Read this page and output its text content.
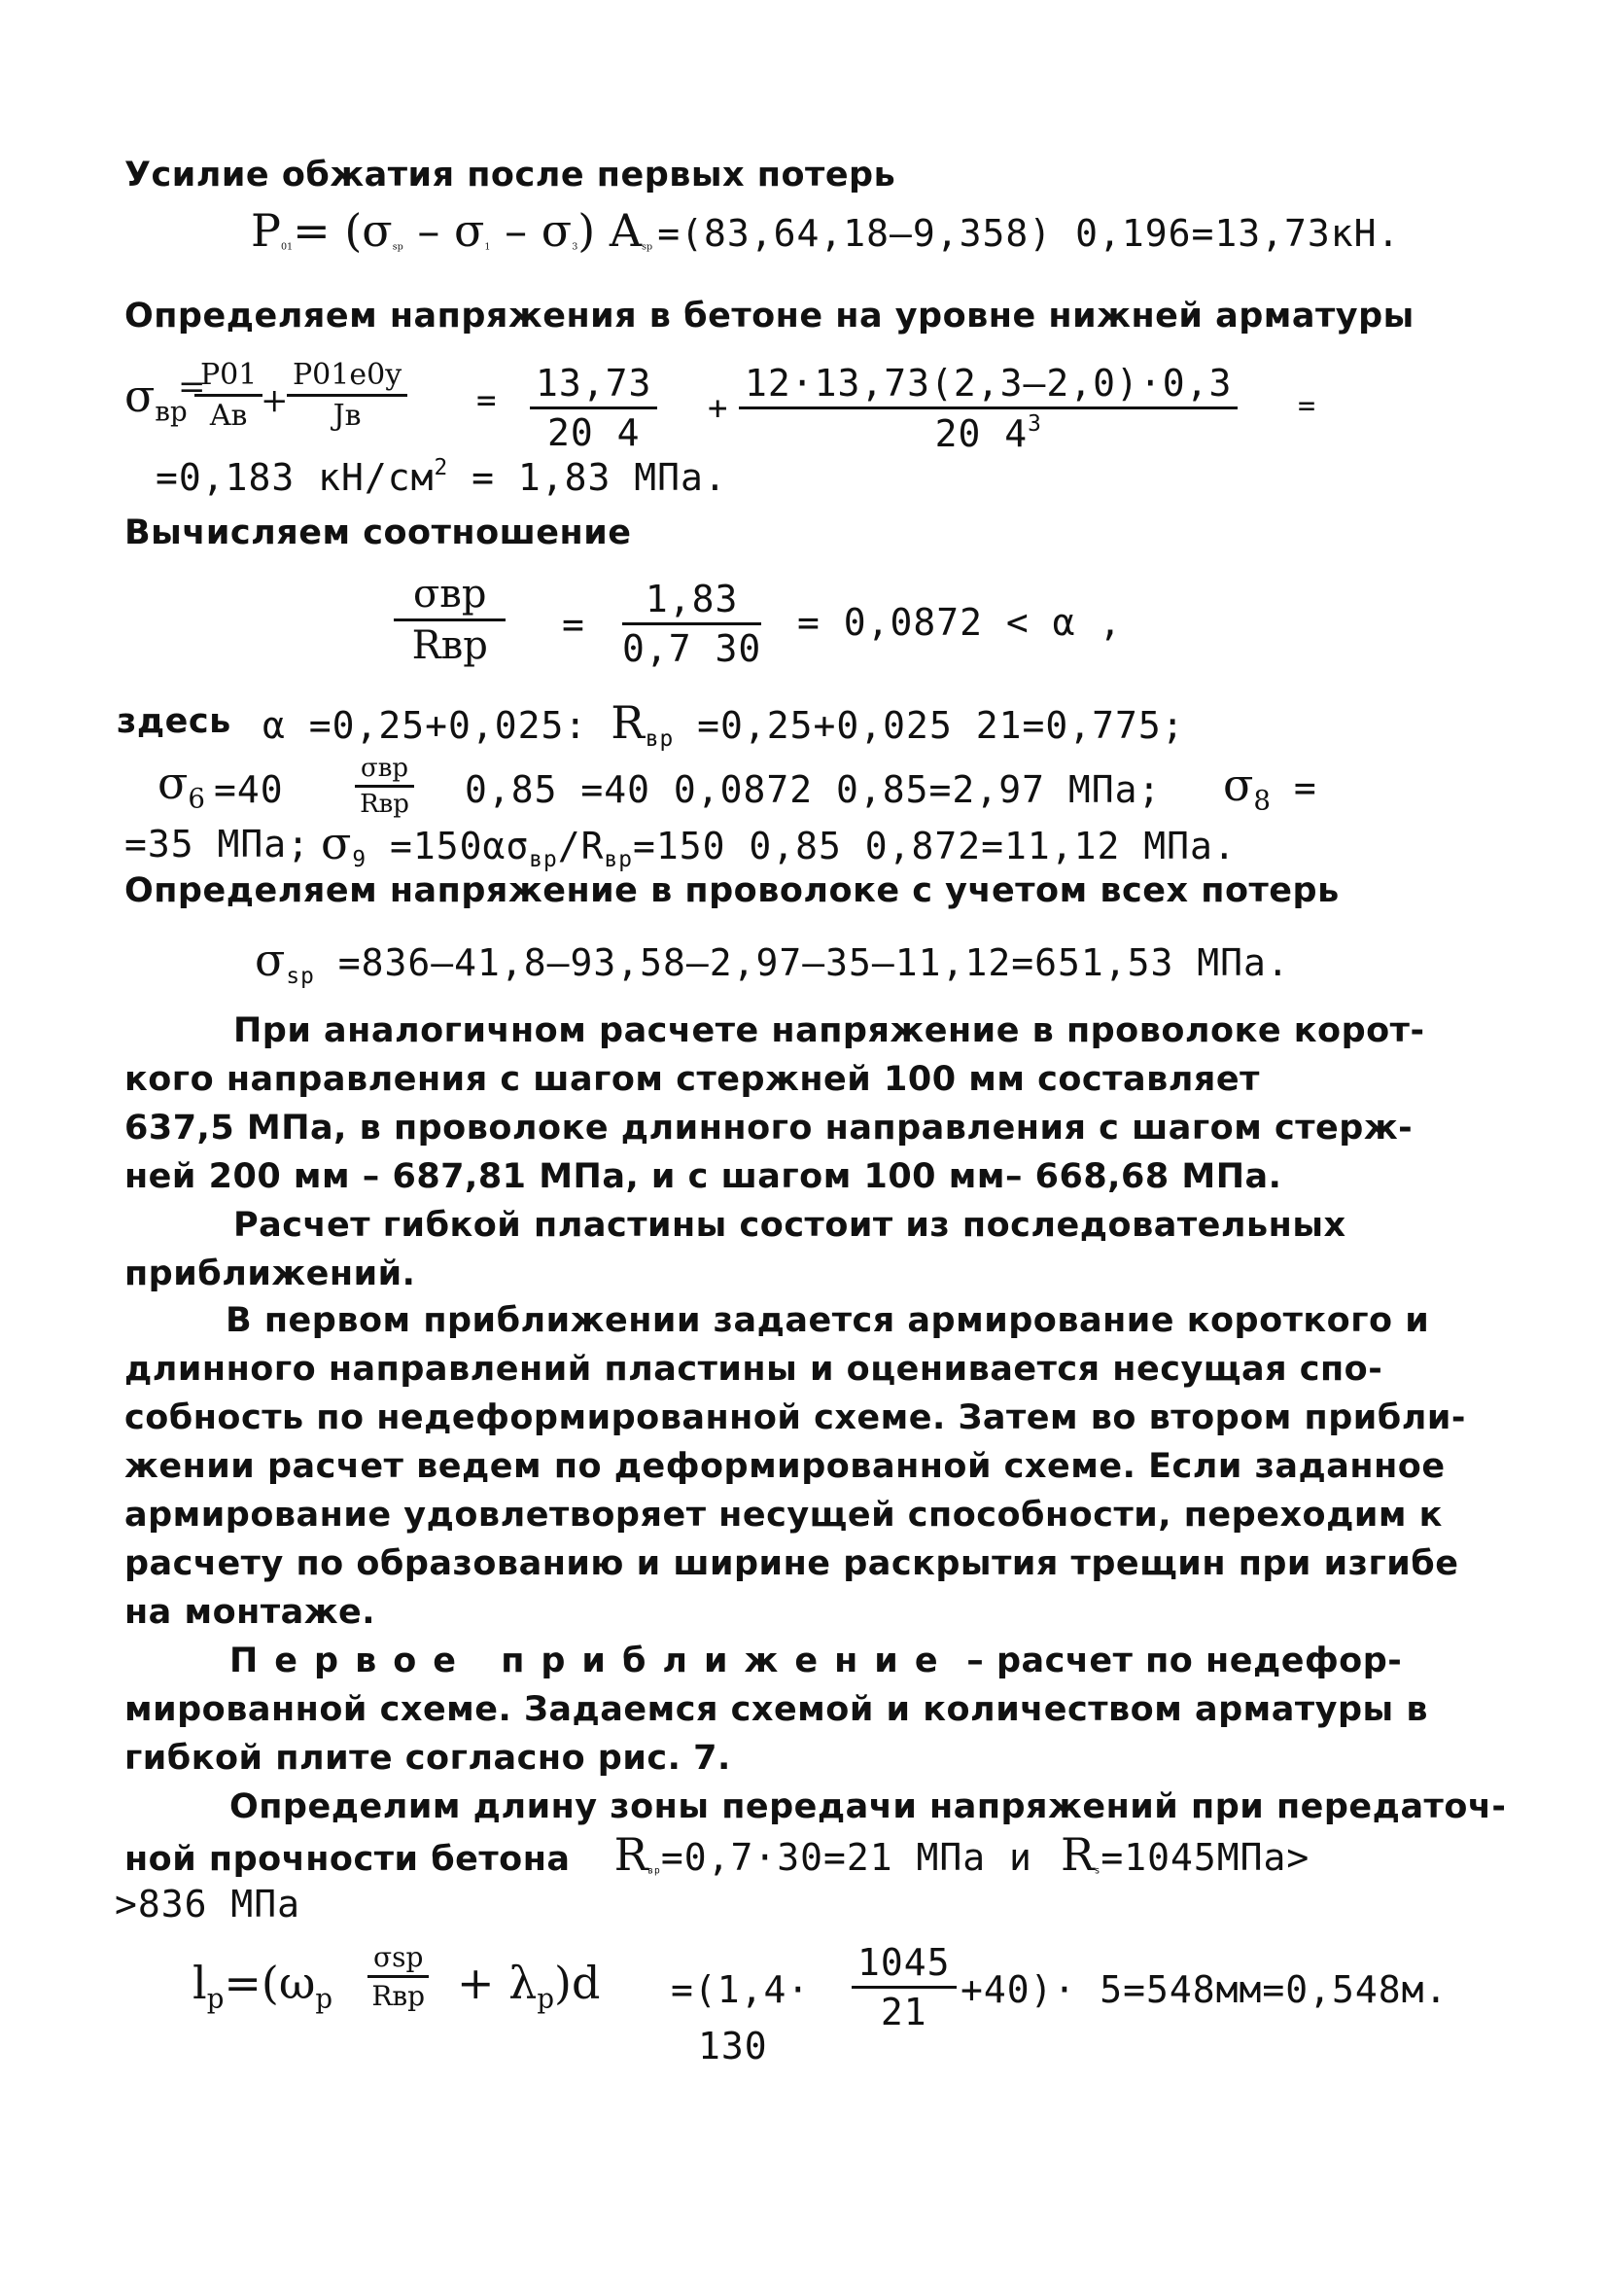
Усилие обжатия после первых потерь
$P_{01}= (\sigma_{sp} - \sigma_1 - \sigma_3)$ $A_{sp} =(83,64,18-9,358)$ 0,196=13,73кН.
Определяем напряжения в бетоне на уровне нижней арматуры
$\sigma_{вр}$
=
P01
Aв +
P01e0y
Jв	= $\frac{13,73}{20 4} + \frac{12\cdot 13,73(2,3-2,0)\cdot 0,3}{20 4^3}$ =
=0,183 $кН/см^2 = 1,83$ МПа.
Вычисляем соотношение
σвр
Rвр	= $\frac{1,83}{0,7 30} = 0,0872 < \alpha$ ,
здесь α =0,25+0,025: $R_{вр} =0,25+0,025$ 21=0,775;
$\sigma_6 =40$	σвр
Rвр 0,85 =40 0,0872 0,85=2,97 МПа; $\sigma_8$ =
=35 МПа; $\sigma_9 =150\alpha\sigma_{вр}/R_{вр}=150$ 0,85 0,872=11,12 МПа.
Определяем напряжение в проволоке с учетом всех потерь
$\sigma_{sp} =836-41,8-93,58-2,97-35-11,12=651,53$ МПа.
При аналогичном расчете напряжение в проволоке корот-
кого направления с шагом стержней 100 мм составляет
637,5 МПа, в проволоке длинного направления с шагом стерж-
ней 200 мм – 687,81 МПа, и с шагом 100 мм– 668,68 МПа.
Расчет гибкой пластины состоит из последовательных
приближений.
В первом приближении задается армирование короткого и
длинного направлений пластины и оценивается несущая спо-
собность по недеформированной схеме. Затем во втором прибли-
жении расчет ведем по деформированной схеме. Если заданное
армирование удовлетворяет несущей способности, переходим к
расчету по образованию и ширине раскрытия трещин при изгибе
на монтаже.
Первое приближение – расчет по недефор-
мированной схеме. Задаемся схемой и количеством арматуры в
гибкой плите согласно рис. 7.
Определим длину зоны передачи напряжений при передаточ-
ной прочности бетона $R_{вр}=0,7\cdot 30=21$ МПа и $R_s=1045МПа>$
>836 МПа
$l_p=(\omega_p$
σsp
Rвр + $\lambda_p)d =(1,4\cdot \frac{1045}{21} +40)\cdot 5=548мм=0,548м$.
130
